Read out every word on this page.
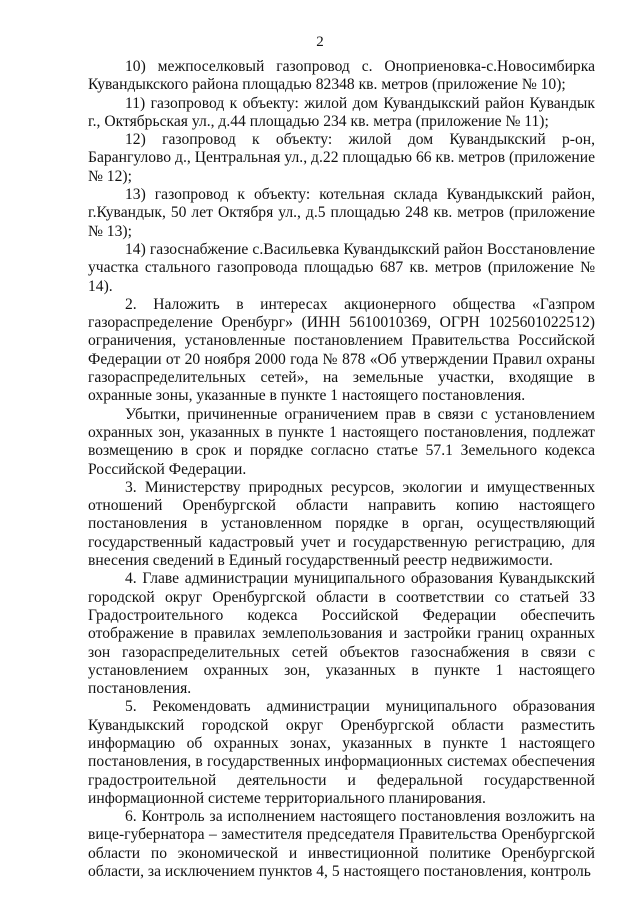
2

10) межпоселковый газопровод с. Оноприеновка-с.Новосимбирка Кувандыкского района площадью 82348 кв. метров (приложение № 10);

11) газопровод к объекту: жилой дом Кувандыкский район Кувандык г., Октябрьская ул., д.44 площадью 234 кв. метра (приложение № 11);

12) газопровод к объекту: жилой дом Кувандыкский р-он, Барангулово д., Центральная ул., д.22 площадью 66 кв. метров (приложение № 12);

13) газопровод к объекту: котельная склада Кувандыкский район, г.Кувандык, 50 лет Октября ул., д.5 площадью 248 кв. метров (приложение № 13);

14) газоснабжение с.Васильевка Кувандыкский район Восстановление участка стального газопровода площадью 687 кв. метров (приложение № 14).

2. Наложить в интересах акционерного общества «Газпром газораспределение Оренбург» (ИНН 5610010369, ОГРН 1025601022512) ограничения, установленные постановлением Правительства Российской Федерации от 20 ноября 2000 года № 878 «Об утверждении Правил охраны газораспределительных сетей», на земельные участки, входящие в охранные зоны, указанные в пункте 1 настоящего постановления.

Убытки, причиненные ограничением прав в связи с установлением охранных зон, указанных в пункте 1 настоящего постановления, подлежат возмещению в срок и порядке согласно статье 57.1 Земельного кодекса Российской Федерации.

3. Министерству природных ресурсов, экологии и имущественных отношений Оренбургской области направить копию настоящего постановления в установленном порядке в орган, осуществляющий государственный кадастровый учет и государственную регистрацию, для внесения сведений в Единый государственный реестр недвижимости.

4. Главе администрации муниципального образования Кувандыкский городской округ Оренбургской области в соответствии со статьей 33 Градостроительного кодекса Российской Федерации обеспечить отображение в правилах землепользования и застройки границ охранных зон газораспределительных сетей объектов газоснабжения в связи с установлением охранных зон, указанных в пункте 1 настоящего постановления.

5. Рекомендовать администрации муниципального образования Кувандыкский городской округ Оренбургской области разместить информацию об охранных зонах, указанных в пункте 1 настоящего постановления, в государственных информационных системах обеспечения градостроительной деятельности и федеральной государственной информационной системе территориального планирования.

6. Контроль за исполнением настоящего постановления возложить на вице-губернатора – заместителя председателя Правительства Оренбургской области по экономической и инвестиционной политике Оренбургской области, за исключением пунктов 4, 5 настоящего постановления, контроль
